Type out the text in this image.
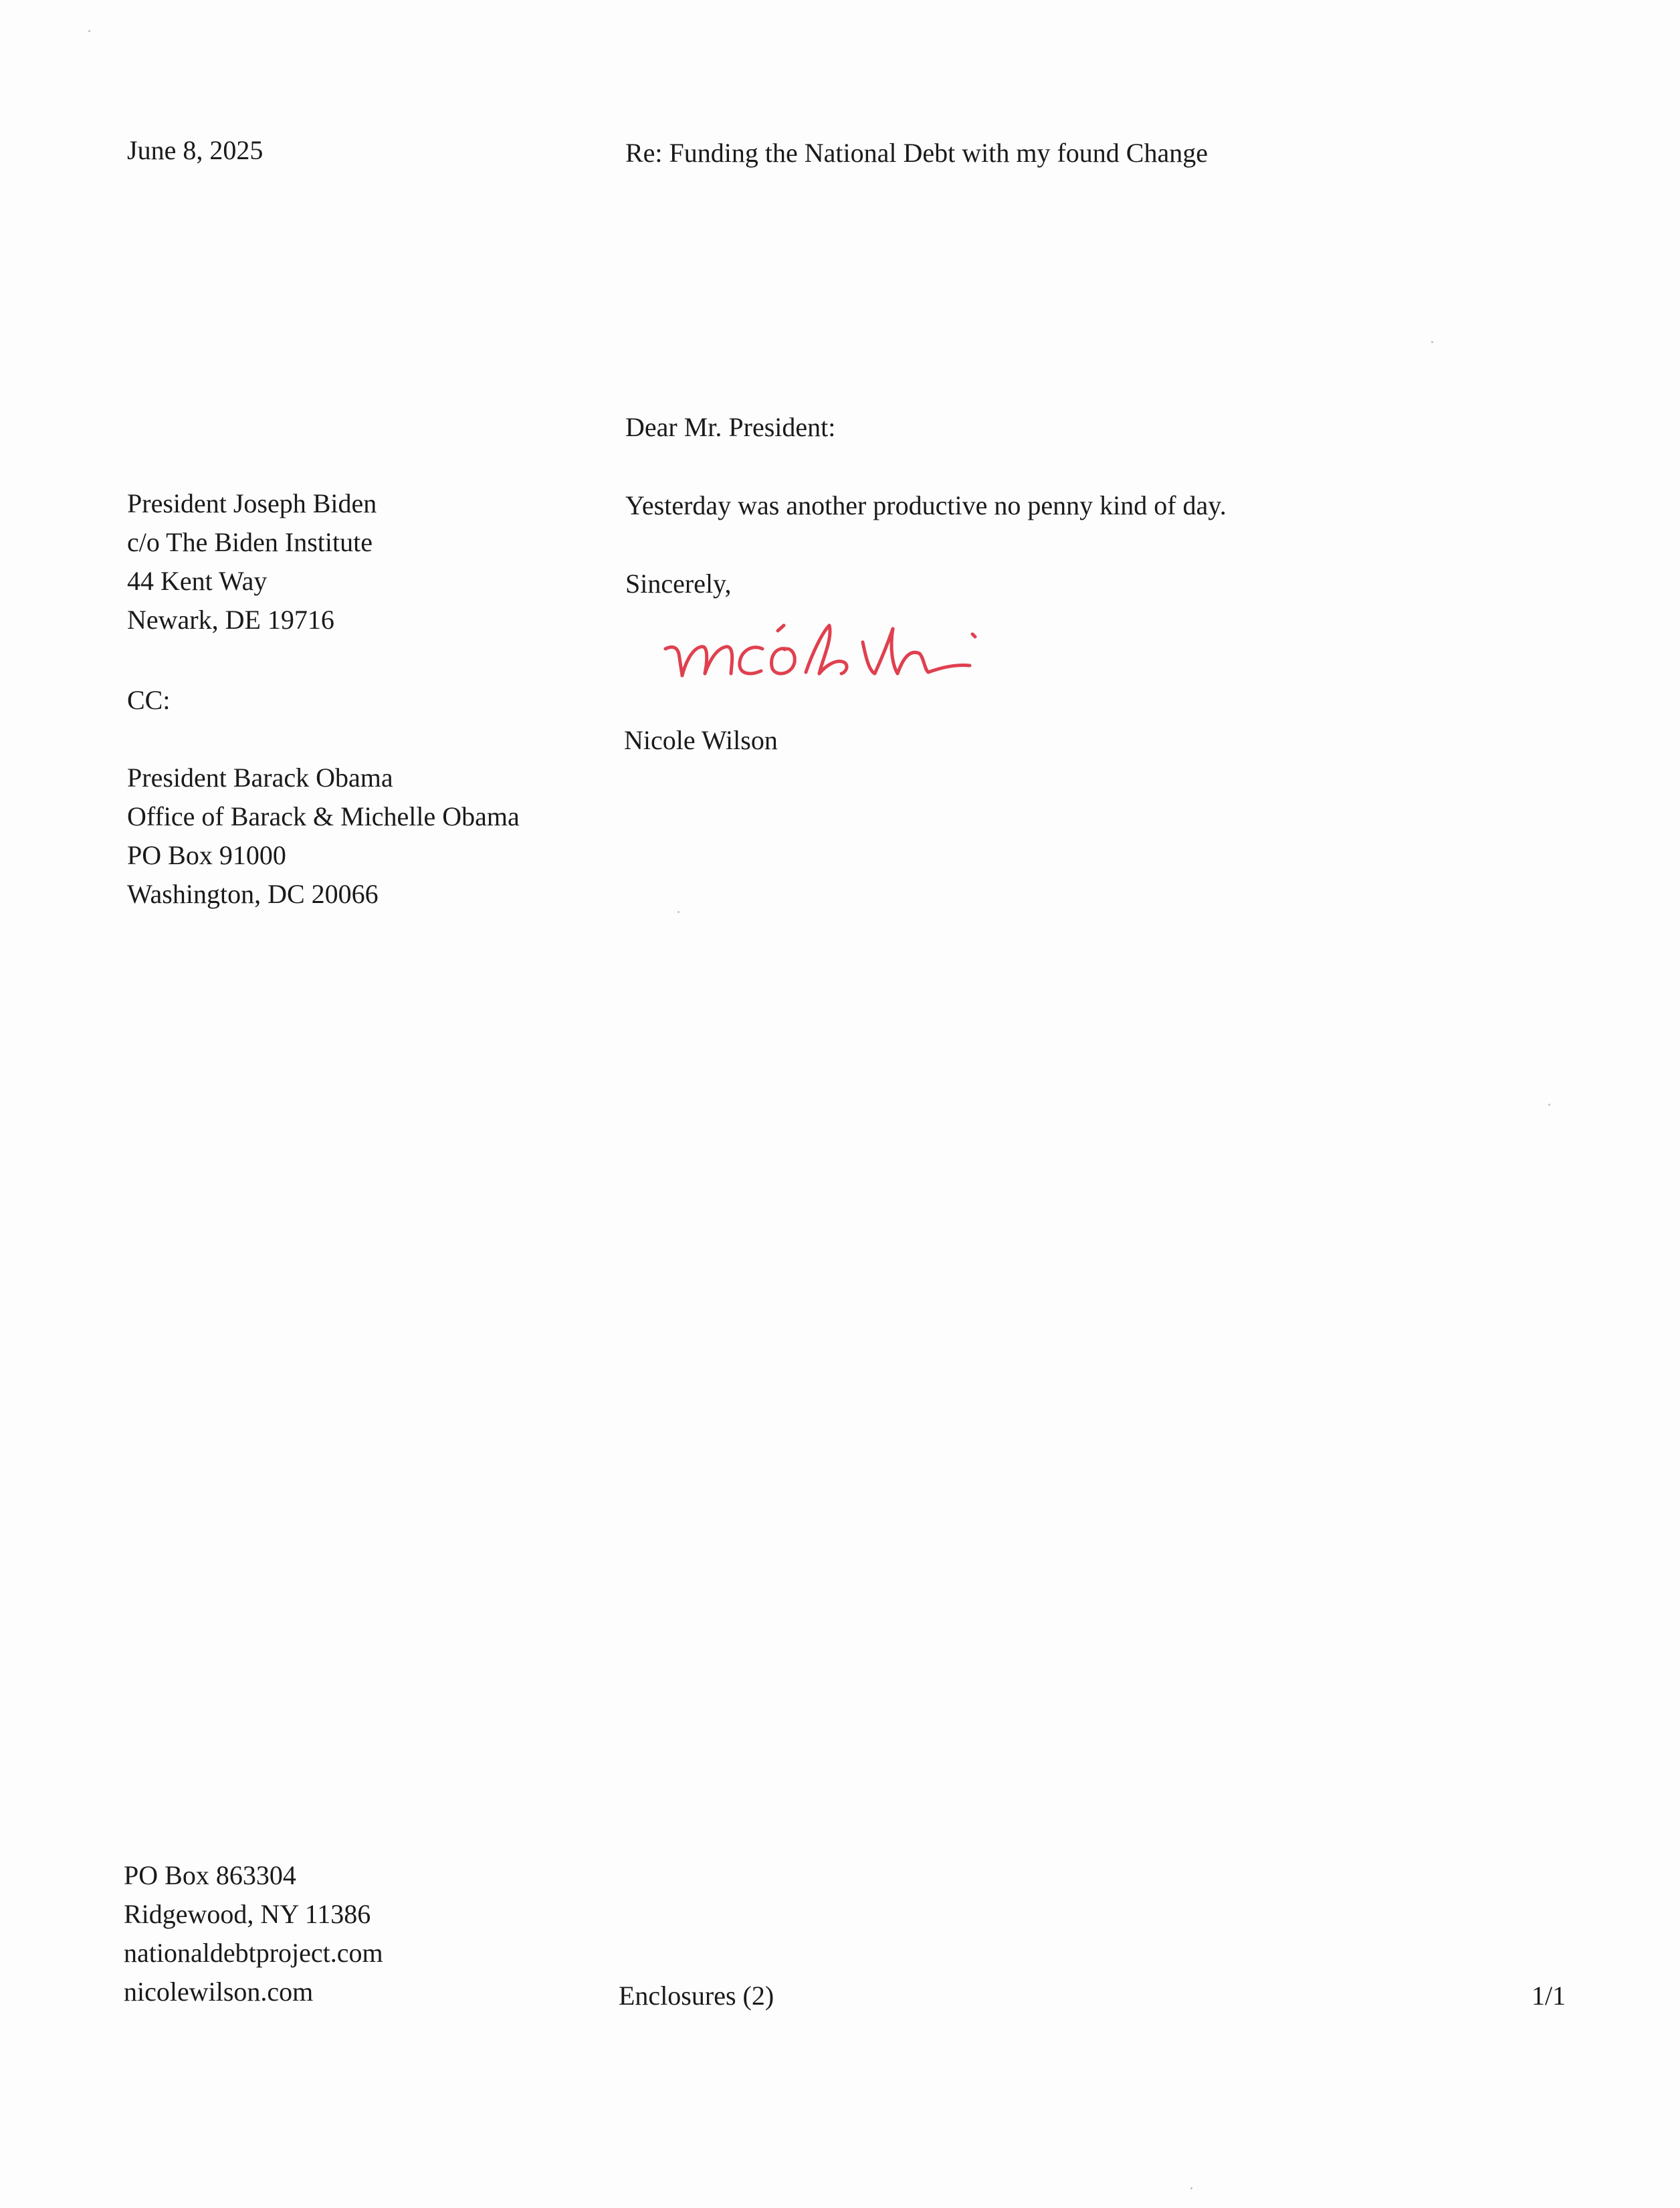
June 8, 2025	Re: Funding the National Debt with my found Change

Dear Mr. President:

President Joseph Biden
c/o The Biden Institute
44 Kent Way
Newark, DE 19716

Yesterday was another productive no penny kind of day.

Sincerely,

Nicole Wilson

CC:

President Barack Obama
Office of Barack & Michelle Obama
PO Box 91000
Washington, DC 20066
PO Box 863304
Ridgewood, NY 11386
nationaldebtproject.com
nicolewilson.com	Enclosures (2)	1/1
